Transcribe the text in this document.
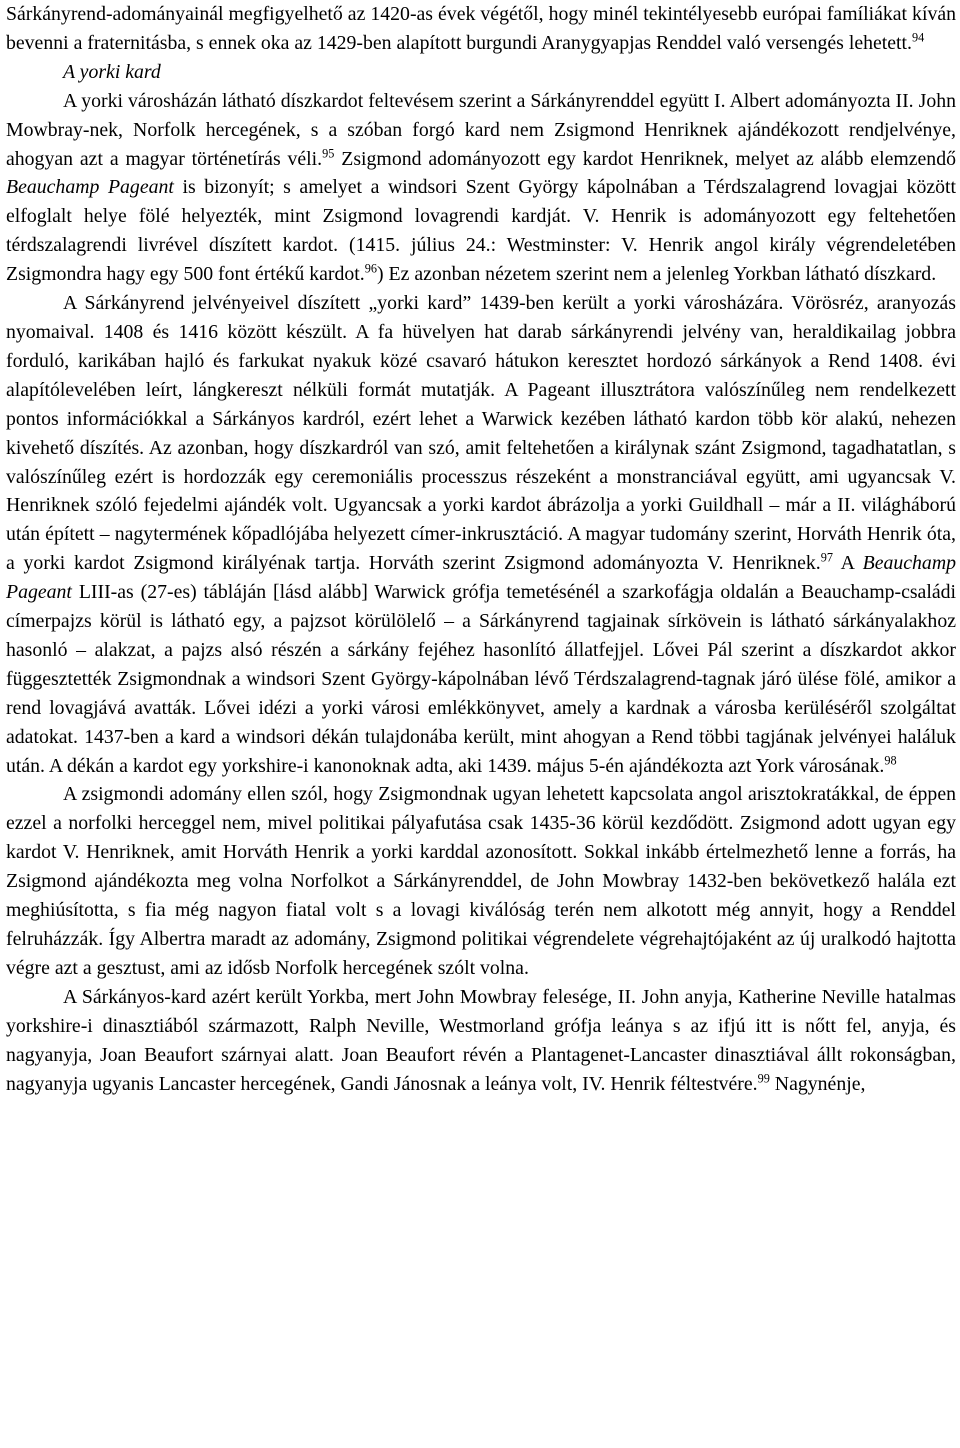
Sárkányrend-adományainál megfigyelhető az 1420-as évek végétől, hogy minél tekintélyesebb európai famíliákat kíván bevenni a fraternitásba, s ennek oka az 1429-ben alapított burgundi Aranygyapjas Renddel való versengés lehetett.$^{94}$

A yorki kard

A yorki városházán látható díszkardot feltevésem szerint a Sárkányrenddel együtt I. Albert adományozta II. John Mowbray-nek, Norfolk hercegének, s a szóban forgó kard nem Zsigmond Henriknek ajándékozott rendjelvénye, ahogyan azt a magyar történetírás véli.$^{95}$ Zsigmond adományozott egy kardot Henriknek, melyet az alább elemzendő Beauchamp Pageant is bizonyít; s amelyet a windsori Szent György kápolnában a Térdszalagrend lovagjai között elfoglalt helye fölé helyezték, mint Zsigmond lovagrendi kardját. V. Henrik is adományozott egy feltehetően térdszalagrendi livrével díszített kardot. (1415. július 24.: Westminster: V. Henrik angol király végrendeletében Zsigmondra hagy egy 500 font értékű kardot.$^{96}$) Ez azonban nézetem szerint nem a jelenleg Yorkban látható díszkard.

A Sárkányrend jelvényeivel díszített „yorki kard” 1439-ben került a yorki városházára. Vörösréz, aranyozás nyomaival. 1408 és 1416 között készült. A fa hüvelyen hat darab sárkányrendi jelvény van, heraldikailag jobbra forduló, karikában hajló és farkukat nyakuk közé csavaró hátukon keresztet hordozó sárkányok a Rend 1408. évi alapítólevelében leírt, lángkereszt nélküli formát mutatják. A Pageant illusztrátora valószínűleg nem rendelkezett pontos információkkal a Sárkányos kardról, ezért lehet a Warwick kezében látható kardon több kör alakú, nehezen kivehető díszítés. Az azonban, hogy díszkardról van szó, amit feltehetően a királynak szánt Zsigmond, tagadhatatlan, s valószínűleg ezért is hordozzák egy ceremoniális processzus részeként a monstranciával együtt, ami ugyancsak V. Henriknek szóló fejedelmi ajándék volt. Ugyancsak a yorki kardot ábrázolja a yorki Guildhall – már a II. világháború után épített – nagytermének kőpadlójába helyezett címer-inkrusztáció. A magyar tudomány szerint, Horváth Henrik óta, a yorki kardot Zsigmond királyénak tartja. Horváth szerint Zsigmond adományozta V. Henriknek.$^{97}$ A Beauchamp Pageant LIII-as (27-es) tábláján [lásd alább] Warwick grófja temetésénél a szarkofágja oldalán a Beauchamp-családi címerpajzs körül is látható egy, a pajzsot körülölelő – a Sárkányrend tagjainak sírkövein is látható sárkányalakhoz hasonló – alakzat, a pajzs alsó részén a sárkány fejéhez hasonlító állatfejjel. Lővei Pál szerint a díszkardot akkor függesztették Zsigmondnak a windsori Szent György-kápolnában lévő Térdszalagrend-tagnak járó ülése fölé, amikor a rend lovagjává avatták. Lővei idézi a yorki városi emlékkönyvet, amely a kardnak a városba kerüléséről szolgáltat adatokat. 1437-ben a kard a windsori dékán tulajdonába került, mint ahogyan a Rend többi tagjának jelvényei haláluk után. A dékán a kardot egy yorkshire-i kanonoknak adta, aki 1439. május 5-én ajándékozta azt York városának.$^{98}$

A zsigmondi adomány ellen szól, hogy Zsigmondnak ugyan lehetett kapcsolata angol arisztokratákkal, de éppen ezzel a norfolki herceggel nem, mivel politikai pályafutása csak 1435-36 körül kezdődött. Zsigmond adott ugyan egy kardot V. Henriknek, amit Horváth Henrik a yorki karddal azonosított. Sokkal inkább értelmezhető lenne a forrás, ha Zsigmond ajándékozta meg volna Norfolkot a Sárkányrenddel, de John Mowbray 1432-ben bekövetkező halála ezt meghiúsította, s fia még nagyon fiatal volt s a lovagi kiválóság terén nem alkotott még annyit, hogy a Renddel felruházzák. Így Albertra maradt az adomány, Zsigmond politikai végrendelete végrehajtójaként az új uralkodó hajtotta végre azt a gesztust, ami az idősb Norfolk hercegének szólt volna.

A Sárkányos-kard azért került Yorkba, mert John Mowbray felesége, II. John anyja, Katherine Neville hatalmas yorkshire-i dinasztiából származott, Ralph Neville, Westmorland grófja leánya s az ifjú itt is nőtt fel, anyja, és nagyanyja, Joan Beaufort szárnyai alatt. Joan Beaufort révén a Plantagenet-Lancaster dinasztiával állt rokonságban, nagyanyja ugyanis Lancaster hercegének, Gandi Jánosnak a leánya volt, IV. Henrik féltestvére.$^{99}$ Nagynénje,
